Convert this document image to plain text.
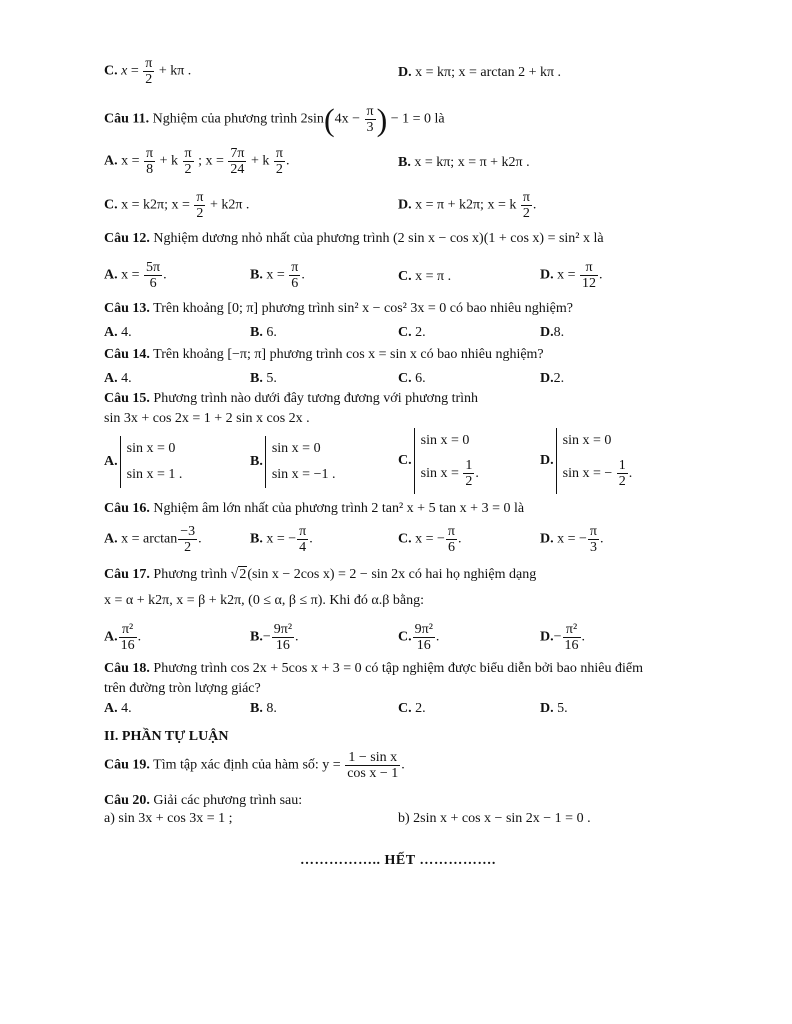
C. $x = \frac{\pi}{2} + k\pi$ .	D. x = kπ; x = arctan 2 + kπ .
Câu 11. Nghiệm của phương trình $2\sin(4x - \frac{\pi}{3}$ ) − 1 = 0 là
A. $x = \frac{\pi}{8} + k \frac{\pi}{2}$ ; $x = \frac{7\pi}{24} + k \frac{\pi}{2}$ .	B. x = kπ; x = π + k2π .
C. x = k2π; $x = \frac{\pi}{2} + k2\pi$ .	D. x = π + k2π; x = k $\frac{\pi}{2}$ .
Câu 12. Nghiệm dương nhỏ nhất của phương trình (2 sin x − cos x)(1 + cos x) = sin² x là
A. $x = \frac{5\pi}{6}$ .	B. $x = \frac{\pi}{6}$ .	C. x = π .	D. $x = \frac{\pi}{12}$ .
Câu 13. Trên khoảng [0; π] phương trình sin² x − cos² 3x = 0 có bao nhiêu nghiệm?
A. 4.	B. 6.	C. 2.	D.8.
Câu 14. Trên khoảng [−π; π] phương trình cos x = sin x có bao nhiêu nghiệm?
A. 4.	B. 5.	C. 6.	D.2.
Câu 15. Phương trình nào dưới đây tương đương với phương trình
sin 3x + cos 2x = 1 + 2 sin x cos 2x .
A.
sin x = 0
sin x = 1 .
B.
sin x = 0
sin x = −1 .
C.
sin x = 0
$\sin x = \frac{1}{2}$ .
D.
sin x = 0
sin x = − $\frac{1}{2}$ .
Câu 16. Nghiệm âm lớn nhất của phương trình 2 tan² x + 5 tan x + 3 = 0 là
A. $x = \arctan \frac{-3}{2}$ .	B. x = − $\frac{\pi}{4}$ .	C. x = − $\frac{\pi}{6}$ .	D. x = − $\frac{\pi}{3}$ .
Câu 17. Phương trình √2(sin x − 2cos x) = 2 − sin 2x có hai họ nghiệm dạng
x = α + k2π, x = β + k2π, (0 ≤ α, β ≤ π). Khi đó α.β bằng:
A. $\frac{\text{π²}}{16}$ .	$B.- \frac{\text{9π²}}{16}$ .	C. $\frac{\text{9π²}}{16}$ .	$D.- \frac{\text{π²}}{16}$ .
Câu 18. Phương trình cos 2x + 5cos x + 3 = 0 có tập nghiệm được biểu diễn bởi bao nhiêu điểm
trên đường tròn lượng giác?
A. 4.	B. 8.	C. 2.	D. 5.
II. PHẦN TỰ LUẬN
Câu 19. Tìm tập xác định của hàm số: $y = \frac{\text{1 − sin x}}{\text{cos x − 1}}$ .
Câu 20. Giải các phương trình sau:
a) sin 3x + cos 3x = 1 ;	b) 2sin x + cos x − sin 2x − 1 = 0 .
…………….. HẾT …………….
